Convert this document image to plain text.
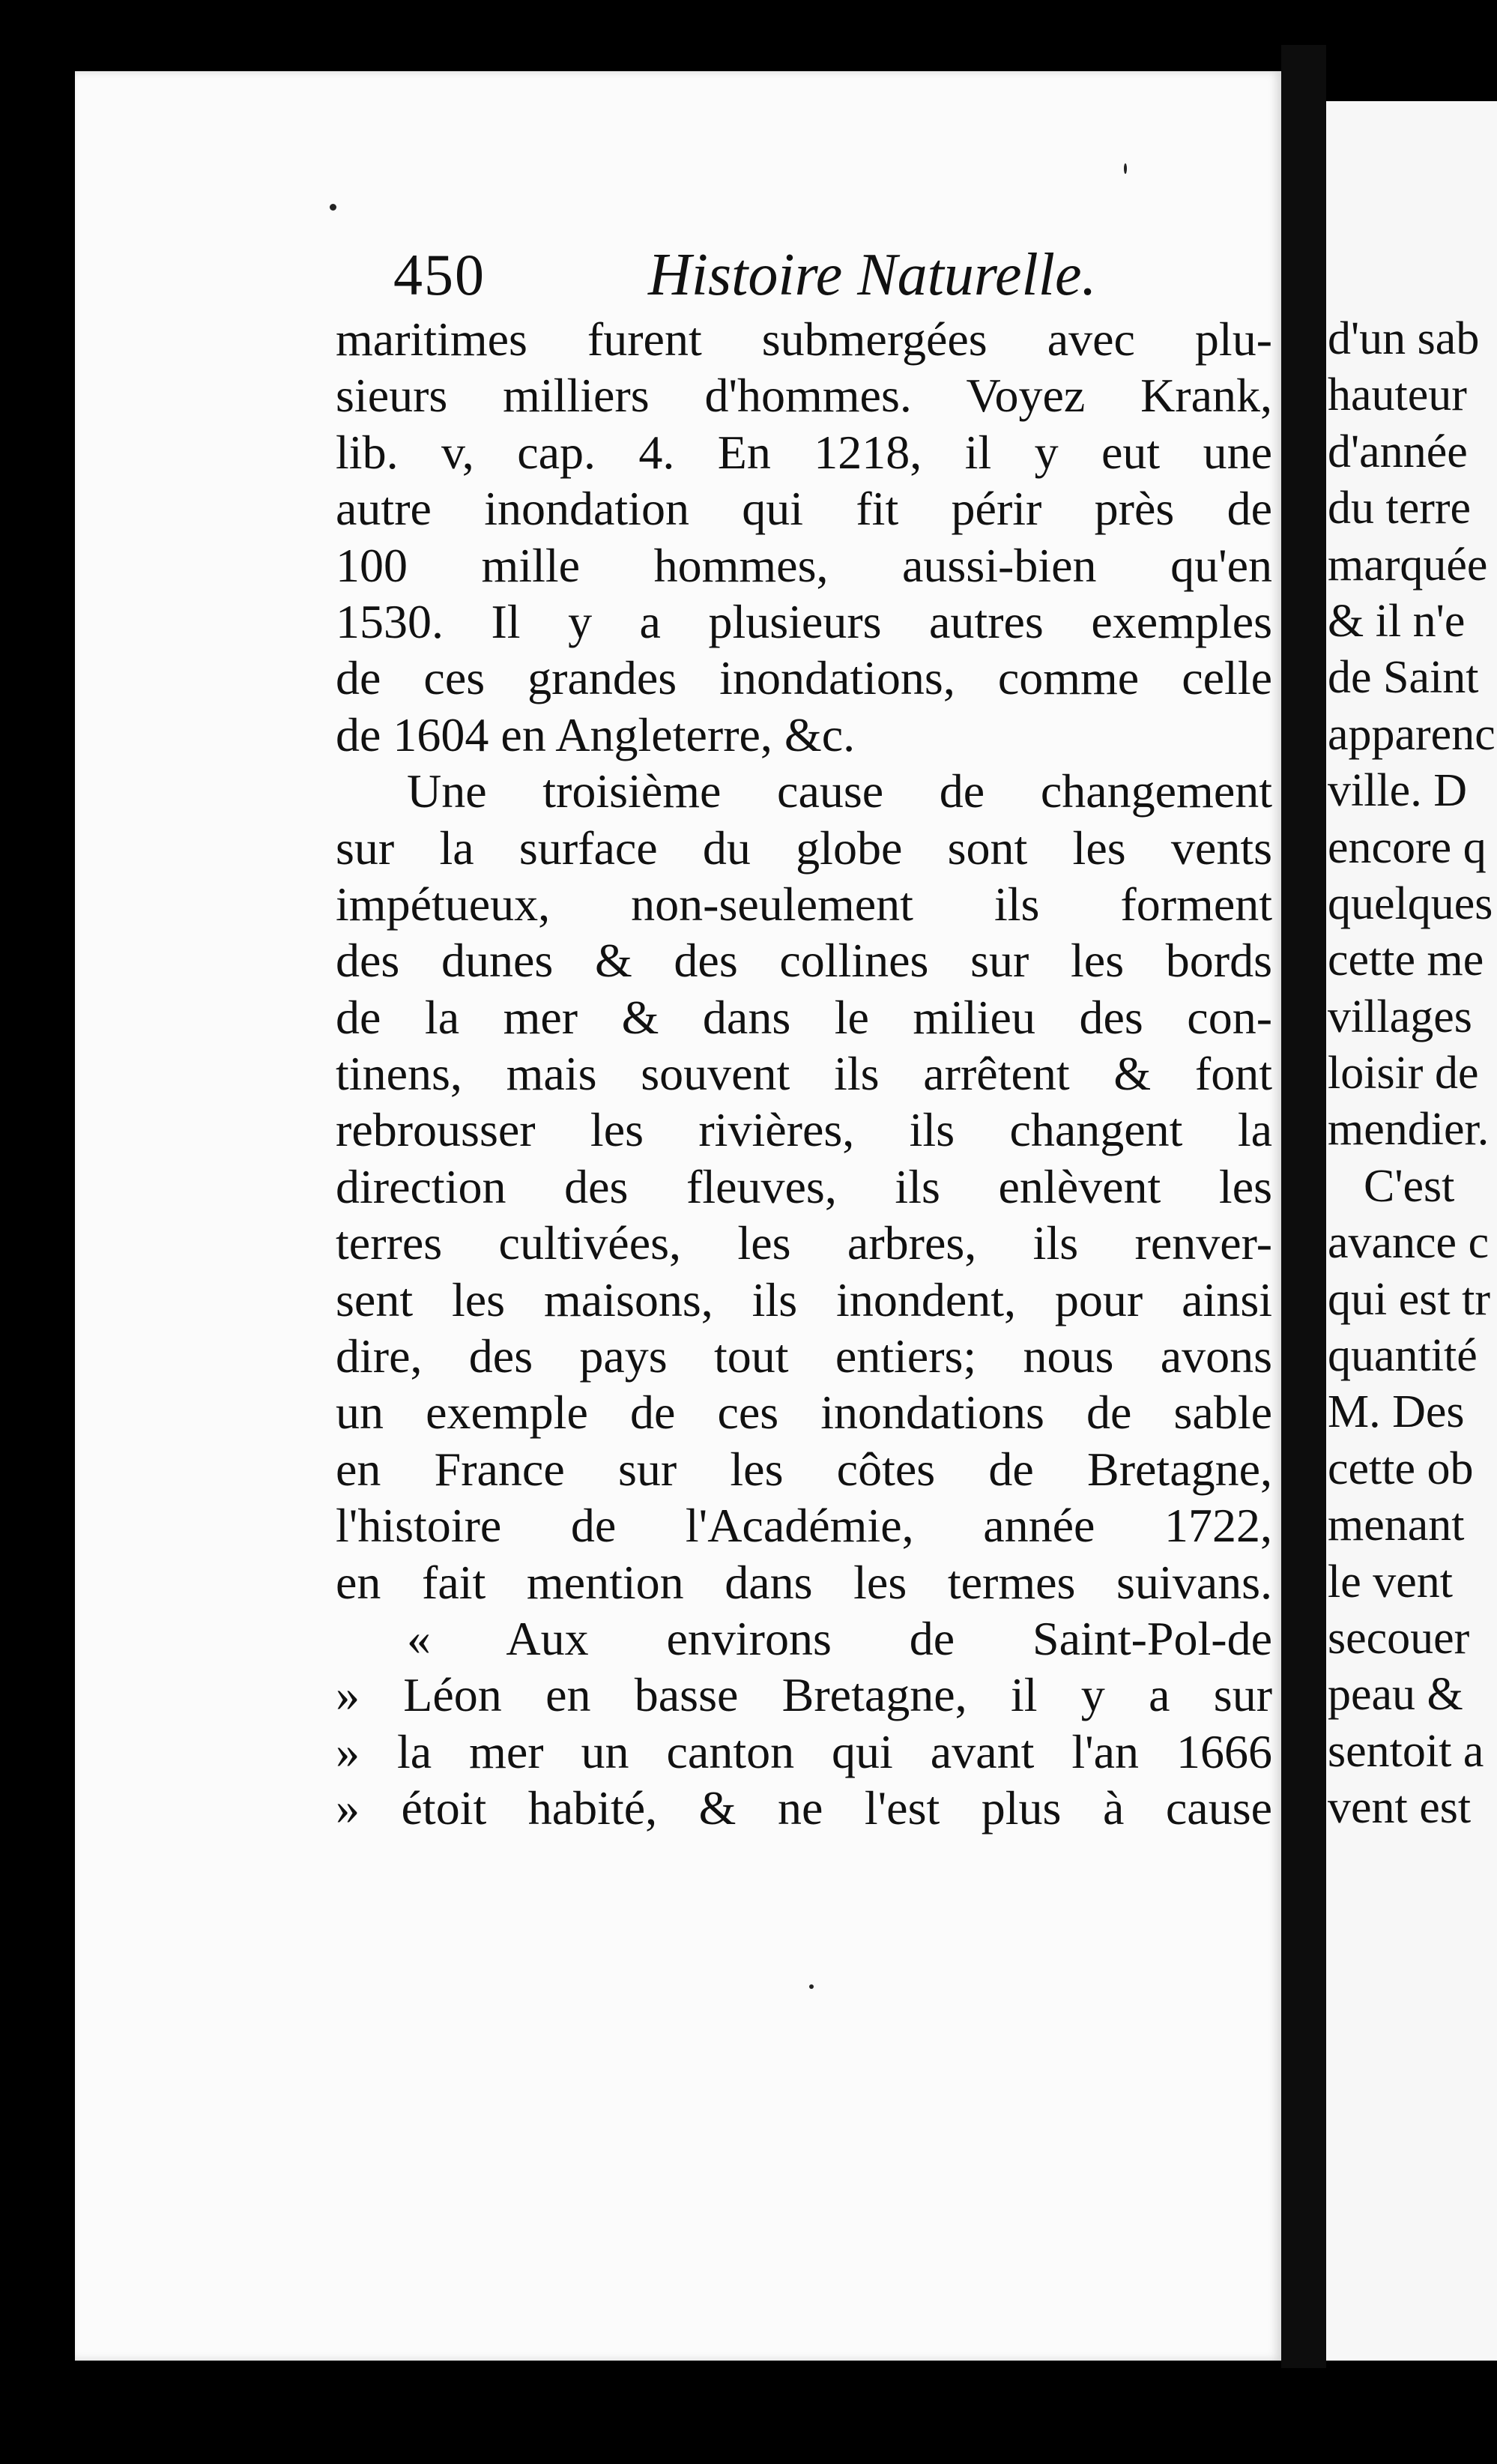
450	Histoire Naturelle.
maritimes furent submergées avec plu-
sieurs milliers d'hommes. Voyez Krank,
lib. v, cap. 4. En 1218, il y eut une
autre inondation qui fit périr près de
100 mille hommes, aussi-bien qu'en
1530. Il y a plusieurs autres exemples
de ces grandes inondations, comme celle
de 1604 en Angleterre, &c.
Une troisième cause de changement
sur la surface du globe sont les vents
impétueux, non-seulement ils forment
des dunes & des collines sur les bords
de la mer & dans le milieu des con-
tinens, mais souvent ils arrêtent & font
rebrousser les rivières, ils changent la
direction des fleuves, ils enlèvent les
terres cultivées, les arbres, ils renver-
sent les maisons, ils inondent, pour ainsi
dire, des pays tout entiers; nous avons
un exemple de ces inondations de sable
en France sur les côtes de Bretagne,
l'histoire de l'Académie, année 1722,
en fait mention dans les termes suivans.
« Aux environs de Saint-Pol-de
» Léon en basse Bretagne, il y a sur
» la mer un canton qui avant l'an 1666
» étoit habité, & ne l'est plus à cause
d'un sab
hauteur
d'année
du terre
marquée
& il n'e
de Saint
apparenc
ville. D
encore q
quelques
cette me
villages
loisir de
mendier.
C'est
avance c
qui est tr
quantité
M. Des
cette ob
menant
le vent
secouer
peau &
sentoit a
vent est
